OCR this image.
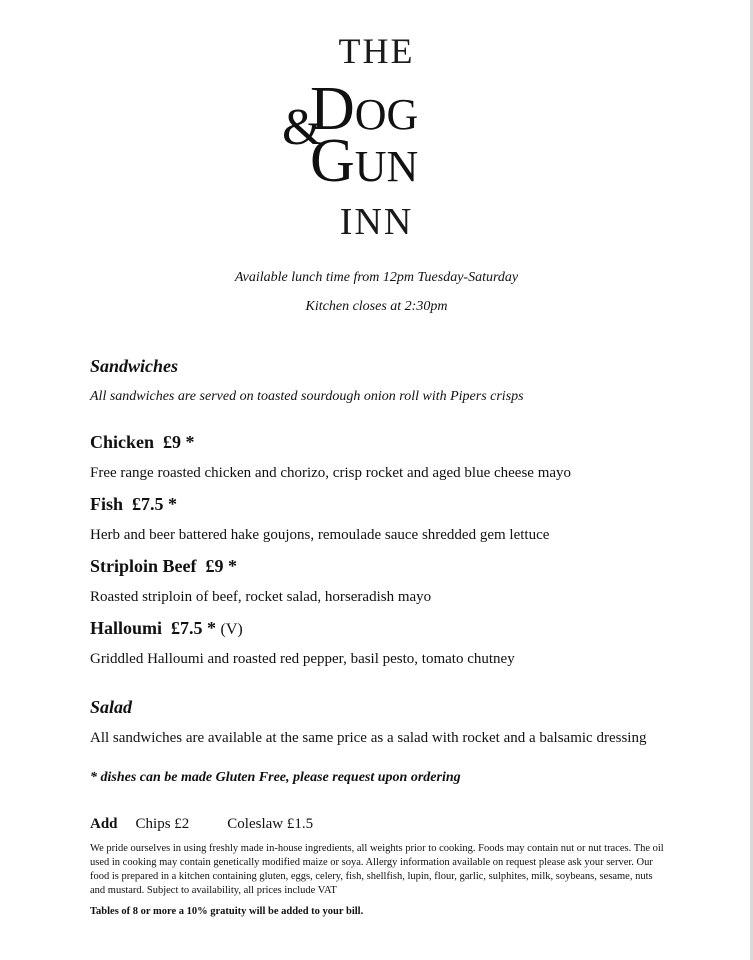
THE
&
DOG
GUN
INN
Available lunch time from 12pm Tuesday-Saturday
Kitchen closes at 2:30pm
Sandwiches
All sandwiches are served on toasted sourdough onion roll with Pipers crisps
Chicken £9 *
Free range roasted chicken and chorizo, crisp rocket and aged blue cheese mayo
Fish £7.5 *
Herb and beer battered hake goujons, remoulade sauce shredded gem lettuce
Striploin Beef £9 *
Roasted striploin of beef, rocket salad, horseradish mayo
Halloumi £7.5 * (V)
Griddled Halloumi and roasted red pepper, basil pesto, tomato chutney
Salad
All sandwiches are available at the same price as a salad with rocket and a balsamic dressing
* dishes can be made Gluten Free, please request upon ordering
Add Chips £2	Coleslaw £1.5
We pride ourselves in using freshly made in-house ingredients, all weights prior to cooking. Foods may contain nut or nut traces. The oil used in cooking may contain genetically modified maize or soya. Allergy information available on request please ask your server. Our food is prepared in a kitchen containing gluten, eggs, celery, fish, shellfish, lupin, flour, garlic, sulphites, milk, soybeans, sesame, nuts and mustard. Subject to availability, all prices include VAT
Tables of 8 or more a 10% gratuity will be added to your bill.
